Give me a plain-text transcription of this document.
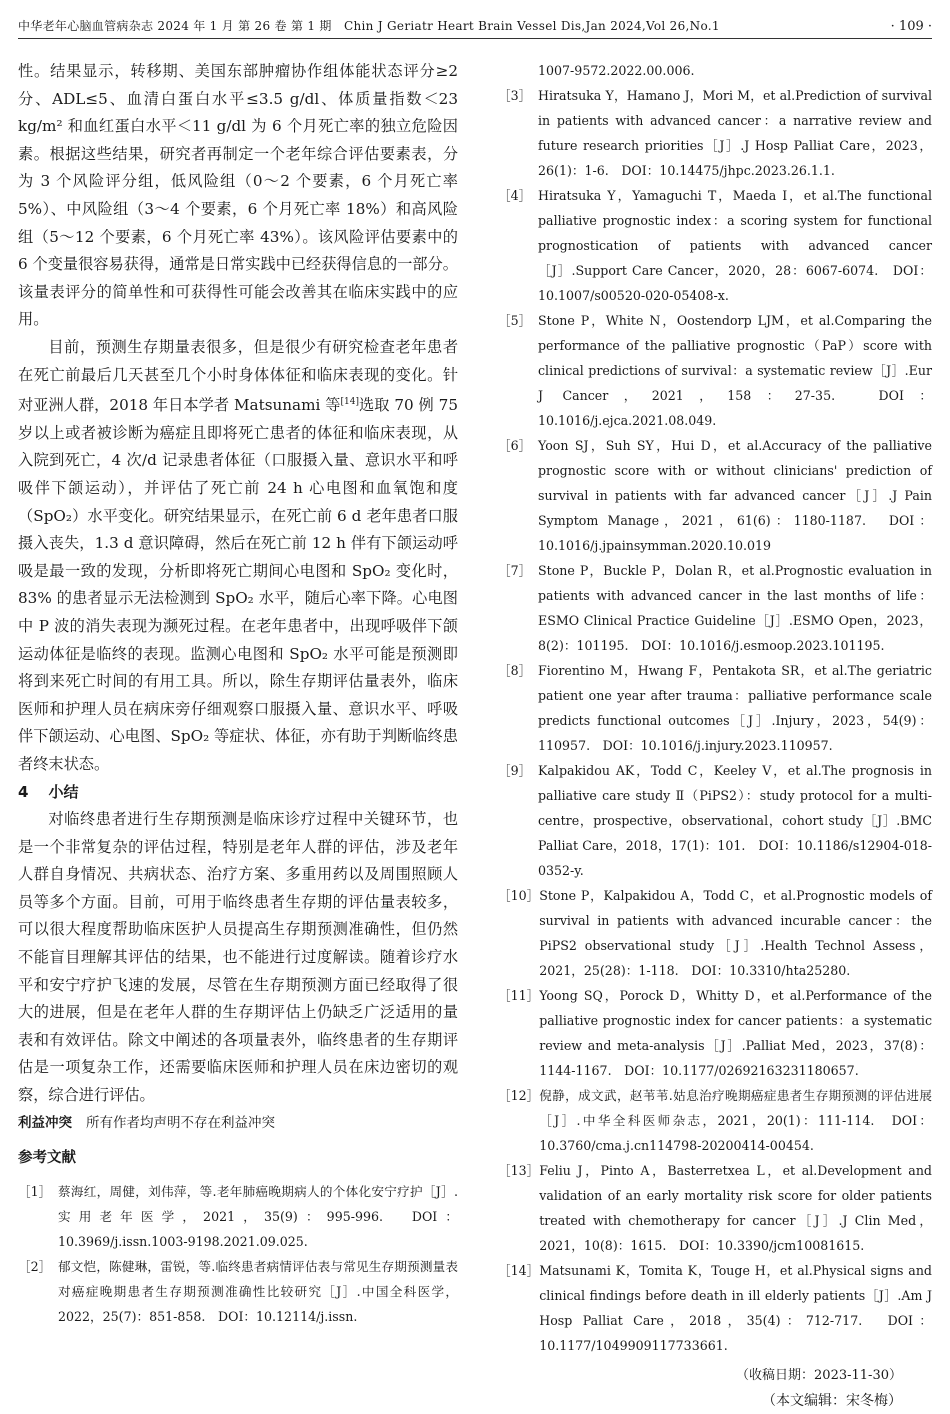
中华老年心脑血管病杂志 2024 年 1 月 第 26 卷 第 1 期　Chin J Geriatr Heart Brain Vessel Dis,Jan 2024,Vol 26,No.1	· 109 ·

性。结果显示，转移期、美国东部肿瘤协作组体能状态评分≥2 分、ADL≤5、血清白蛋白水平≤3.5 g/dl、体质量指数＜23 kg/m² 和血红蛋白水平＜11 g/dl 为 6 个月死亡率的独立危险因素。根据这些结果，研究者再制定一个老年综合评估要素表，分为 3 个风险评分组，低风险组（0～2 个要素，6 个月死亡率 5%）、中风险组（3～4 个要素，6 个月死亡率 18%）和高风险组（5～12 个要素，6 个月死亡率 43%）。该风险评估要素中的 6 个变量很容易获得，通常是日常实践中已经获得信息的一部分。该量表评分的简单性和可获得性可能会改善其在临床实践中的应用。

目前，预测生存期量表很多，但是很少有研究检查老年患者在死亡前最后几天甚至几个小时身体体征和临床表现的变化。针对亚洲人群，2018 年日本学者 Matsunami 等[14]选取 70 例 75 岁以上或者被诊断为癌症且即将死亡患者的体征和临床表现，从入院到死亡，4 次/d 记录患者体征（口服摄入量、意识水平和呼吸伴下颌运动），并评估了死亡前 24 h 心电图和血氧饱和度（SpO₂）水平变化。研究结果显示，在死亡前 6 d 老年患者口服摄入丧失，1.3 d 意识障碍，然后在死亡前 12 h 伴有下颌运动呼吸是最一致的发现，分析即将死亡期间心电图和 SpO₂ 变化时，83% 的患者显示无法检测到 SpO₂ 水平，随后心率下降。心电图中 P 波的消失表现为濒死过程。在老年患者中，出现呼吸伴下颌运动体征是临终的表现。监测心电图和 SpO₂ 水平可能是预测即将到来死亡时间的有用工具。所以，除生存期评估量表外，临床医师和护理人员在病床旁仔细观察口服摄入量、意识水平、呼吸伴下颌运动、心电图、SpO₂ 等症状、体征，亦有助于判断临终患者终末状态。

4 小结

对临终患者进行生存期预测是临床诊疗过程中关键环节，也是一个非常复杂的评估过程，特别是老年人群的评估，涉及老年人群自身情况、共病状态、治疗方案、多重用药以及周围照顾人员等多个方面。目前，可用于临终患者生存期的评估量表较多，可以很大程度帮助临床医护人员提高生存期预测准确性，但仍然不能盲目理解其评估的结果，也不能进行过度解读。随着诊疗水平和安宁疗护飞速的发展，尽管在生存期预测方面已经取得了很大的进展，但是在老年人群的生存期评估上仍缺乏广泛适用的量表和有效评估。除文中阐述的各项量表外，临终患者的生存期评估是一项复杂工作，还需要临床医师和护理人员在床边密切的观察，综合进行评估。

利益冲突 所有作者均声明不存在利益冲突

参考文献
［1］ 蔡海红，周健，刘伟萍，等.老年肺癌晚期病人的个体化安宁疗护［J］.实用老年医学，2021，35(9)：995-996.　DOI：10.3969/j.issn.1003-9198.2021.09.025.
［2］ 郁文恺，陈健琳，雷锐，等.临终患者病情评估表与常见生存期预测量表对癌症晚期患者生存期预测准确性比较研究［J］.中国全科医学，2022，25(7)：851-858.　DOI：10.12114/j.issn.

1007-9572.2022.00.006.

［3］ Hiratsuka Y，Hamano J，Mori M，et al.Prediction of survival in patients with advanced cancer：a narrative review and future research priorities［J］.J Hosp Palliat Care，2023，26(1)：1-6.　DOI：10.14475/jhpc.2023.26.1.1.
［4］ Hiratsuka Y，Yamaguchi T，Maeda I，et al.The functional palliative prognostic index：a scoring system for functional prognostication of patients with advanced cancer［J］.Support Care Cancer，2020，28：6067-6074.　DOI：10.1007/s00520-020-05408-x.
［5］ Stone P，White N，Oostendorp LJM，et al.Comparing the performance of the palliative prognostic（PaP）score with clinical predictions of survival：a systematic review［J］.Eur J Cancer，2021，158：27-35.　DOI：10.1016/j.ejca.2021.08.049.
［6］ Yoon SJ，Suh SY，Hui D，et al.Accuracy of the palliative prognostic score with or without clinicians' prediction of survival in patients with far advanced cancer［J］.J Pain Symptom Manage，2021，61(6)：1180-1187.　DOI：10.1016/j.jpainsymman.2020.10.019
［7］ Stone P，Buckle P，Dolan R，et al.Prognostic evaluation in patients with advanced cancer in the last months of life：ESMO Clinical Practice Guideline［J］.ESMO Open，2023，8(2)：101195.　DOI：10.1016/j.esmoop.2023.101195.
［8］ Fiorentino M，Hwang F，Pentakota SR，et al.The geriatric patient one year after trauma：palliative performance scale predicts functional outcomes［J］.Injury，2023，54(9)：110957.　DOI：10.1016/j.injury.2023.110957.
［9］ Kalpakidou AK，Todd C，Keeley V，et al.The prognosis in palliative care study Ⅱ（PiPS2）：study protocol for a multi-centre，prospective，observational，cohort study［J］.BMC Palliat Care，2018，17(1)：101.　DOI：10.1186/s12904-018-0352-y.
［10］ Stone P，Kalpakidou A，Todd C，et al.Prognostic models of survival in patients with advanced incurable cancer：the PiPS2 observational study［J］.Health Technol Assess，2021，25(28)：1-118.　DOI：10.3310/hta25280.
［11］ Yoong SQ，Porock D，Whitty D，et al.Performance of the palliative prognostic index for cancer patients：a systematic review and meta-analysis［J］.Palliat Med，2023，37(8)：1144-1167.　DOI：10.1177/02692163231180657.
［12］ 倪静，成文武，赵苇苇.姑息治疗晚期癌症患者生存期预测的评估进展［J］.中华全科医师杂志，2021，20(1)：111-114.　DOI：10.3760/cma.j.cn114798-20200414-00454.
［13］ Feliu J，Pinto A，Basterretxea L，et al.Development and validation of an early mortality risk score for older patients treated with chemotherapy for cancer［J］.J Clin Med，2021，10(8)：1615.　DOI：10.3390/jcm10081615.
［14］ Matsunami K，Tomita K，Touge H，et al.Physical signs and clinical findings before death in ill elderly patients［J］.Am J Hosp Palliat Care，2018，35(4)：712-717.　DOI：10.1177/1049909117733661.
（收稿日期：2023-11-30）
（本文编辑：宋冬梅）
